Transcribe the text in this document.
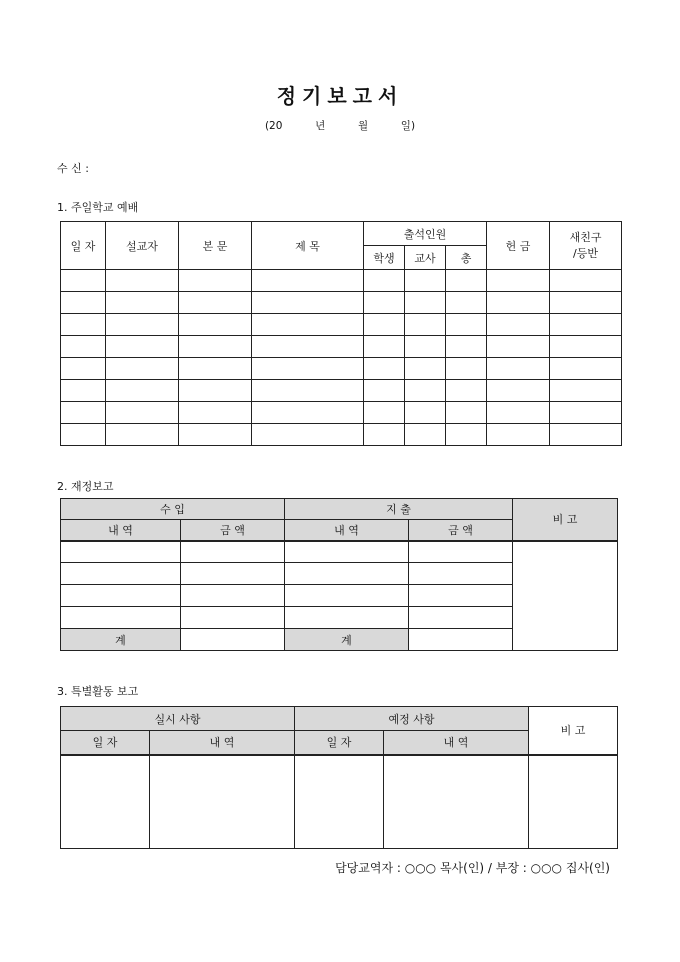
정기보고서
(20	년	월	일)
수 신 :
1. 주일학교 예배
일 자	설교자	본 문	제 목	출석인원			헌 금	새친구
/등반

				학생	교사	총		

2. 재정보고
수 입		지 출		비 고
내 역	금 액	내 역	금 액	

계		계		
3. 특별활동 보고
실시 사항		예정 사항		비 고
일 자	내 역	일 자	내 역	

담당교역자 : ○○○ 목사(인) / 부장 : ○○○ 집사(인)
